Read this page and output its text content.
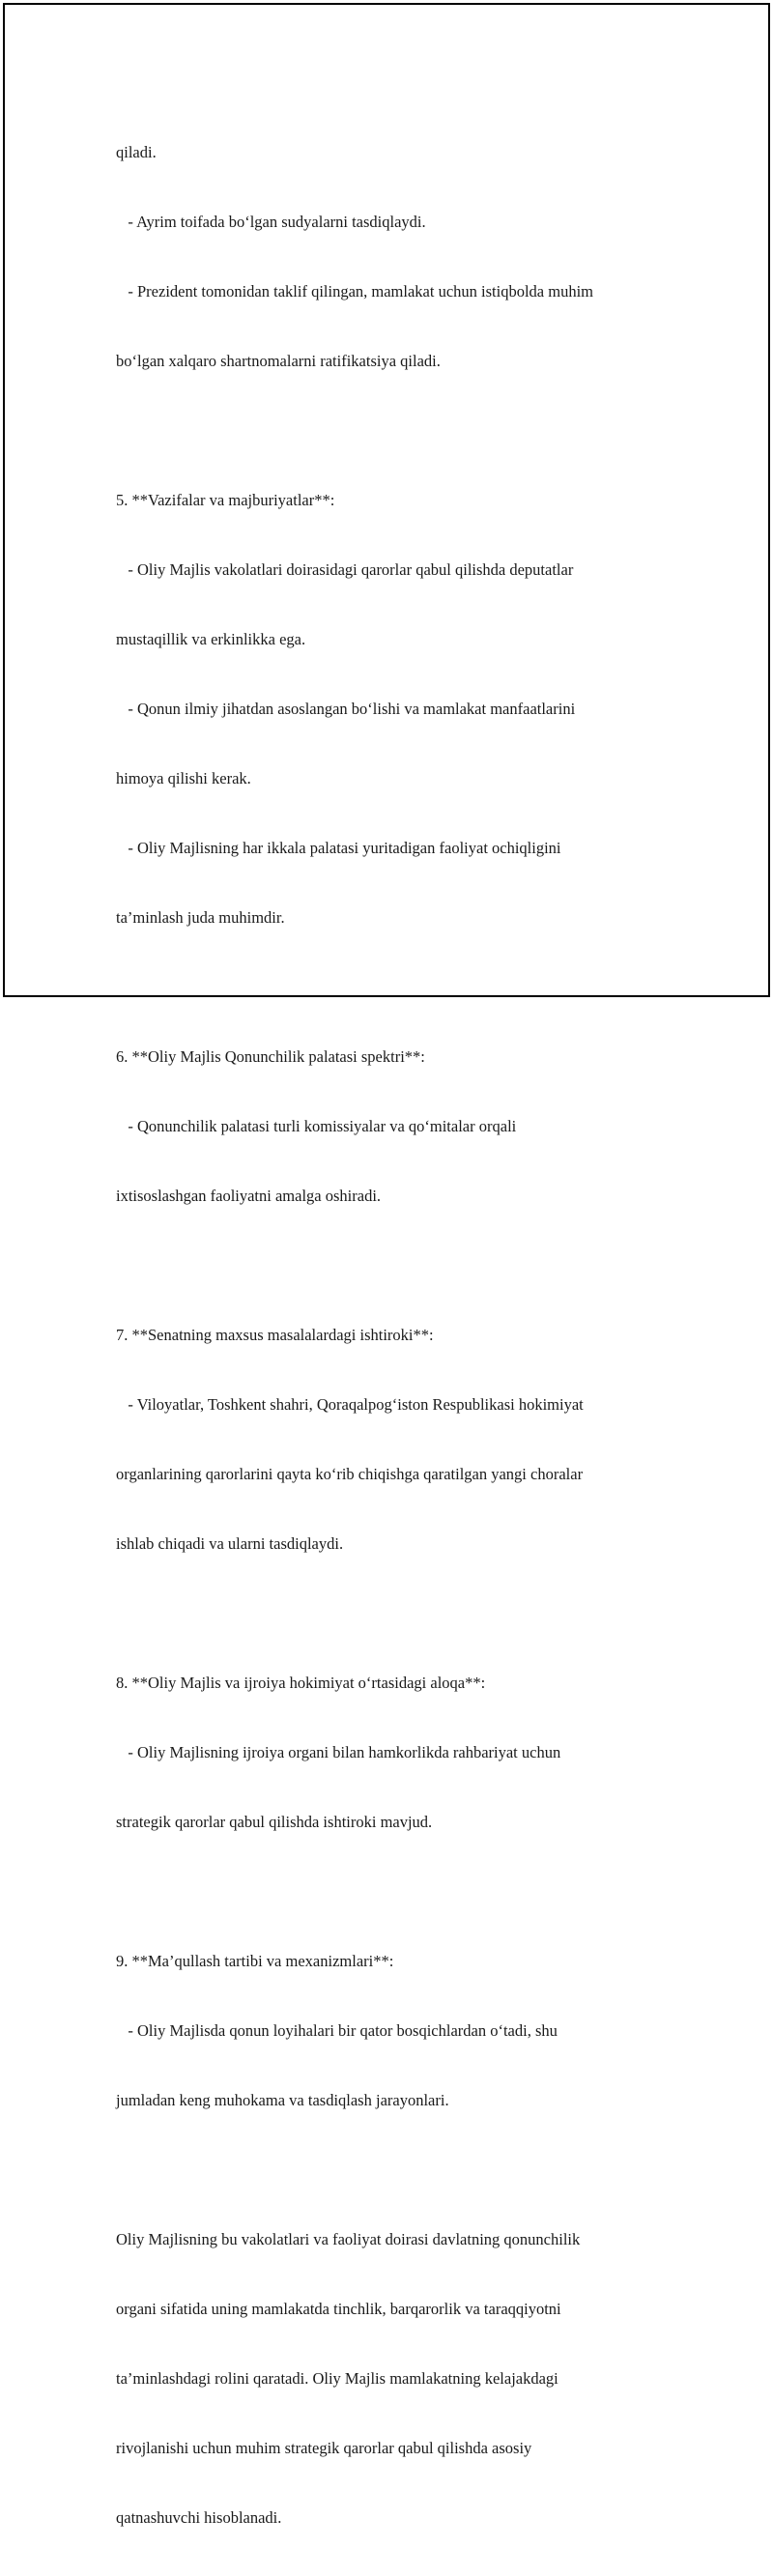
qiladi.

- Ayrim toifada bo‘lgan sudyalarni tasdiqlaydi.

- Prezident tomonidan taklif qilingan, mamlakat uchun istiqbolda muhim

bo‘lgan xalqaro shartnomalarni ratifikatsiya qiladi.

5. **Vazifalar va majburiyatlar**:

- Oliy Majlis vakolatlari doirasidagi qarorlar qabul qilishda deputatlar

mustaqillik va erkinlikka ega.

- Qonun ilmiy jihatdan asoslangan bo‘lishi va mamlakat manfaatlarini

himoya qilishi kerak.

- Oliy Majlisning har ikkala palatasi yuritadigan faoliyat ochiqligini

ta’minlash juda muhimdir.

6. **Oliy Majlis Qonunchilik palatasi spektri**:

- Qonunchilik palatasi turli komissiyalar va qo‘mitalar orqali

ixtisoslashgan faoliyatni amalga oshiradi.

7. **Senatning maxsus masalalardagi ishtiroki**:

- Viloyatlar, Toshkent shahri, Qoraqalpog‘iston Respublikasi hokimiyat

organlarining qarorlarini qayta ko‘rib chiqishga qaratilgan yangi choralar

ishlab chiqadi va ularni tasdiqlaydi.

8. **Oliy Majlis va ijroiya hokimiyat o‘rtasidagi aloqa**:

- Oliy Majlisning ijroiya organi bilan hamkorlikda rahbariyat uchun

strategik qarorlar qabul qilishda ishtiroki mavjud.

9. **Ma’qullash tartibi va mexanizmlari**:

- Oliy Majlisda qonun loyihalari bir qator bosqichlardan o‘tadi, shu

jumladan keng muhokama va tasdiqlash jarayonlari.

Oliy Majlisning bu vakolatlari va faoliyat doirasi davlatning qonunchilik

organi sifatida uning mamlakatda tinchlik, barqarorlik va taraqqiyotni

ta’minlashdagi rolini qaratadi. Oliy Majlis mamlakatning kelajakdagi

rivojlanishi uchun muhim strategik qarorlar qabul qilishda asosiy

qatnashuvchi hisoblanadi.
